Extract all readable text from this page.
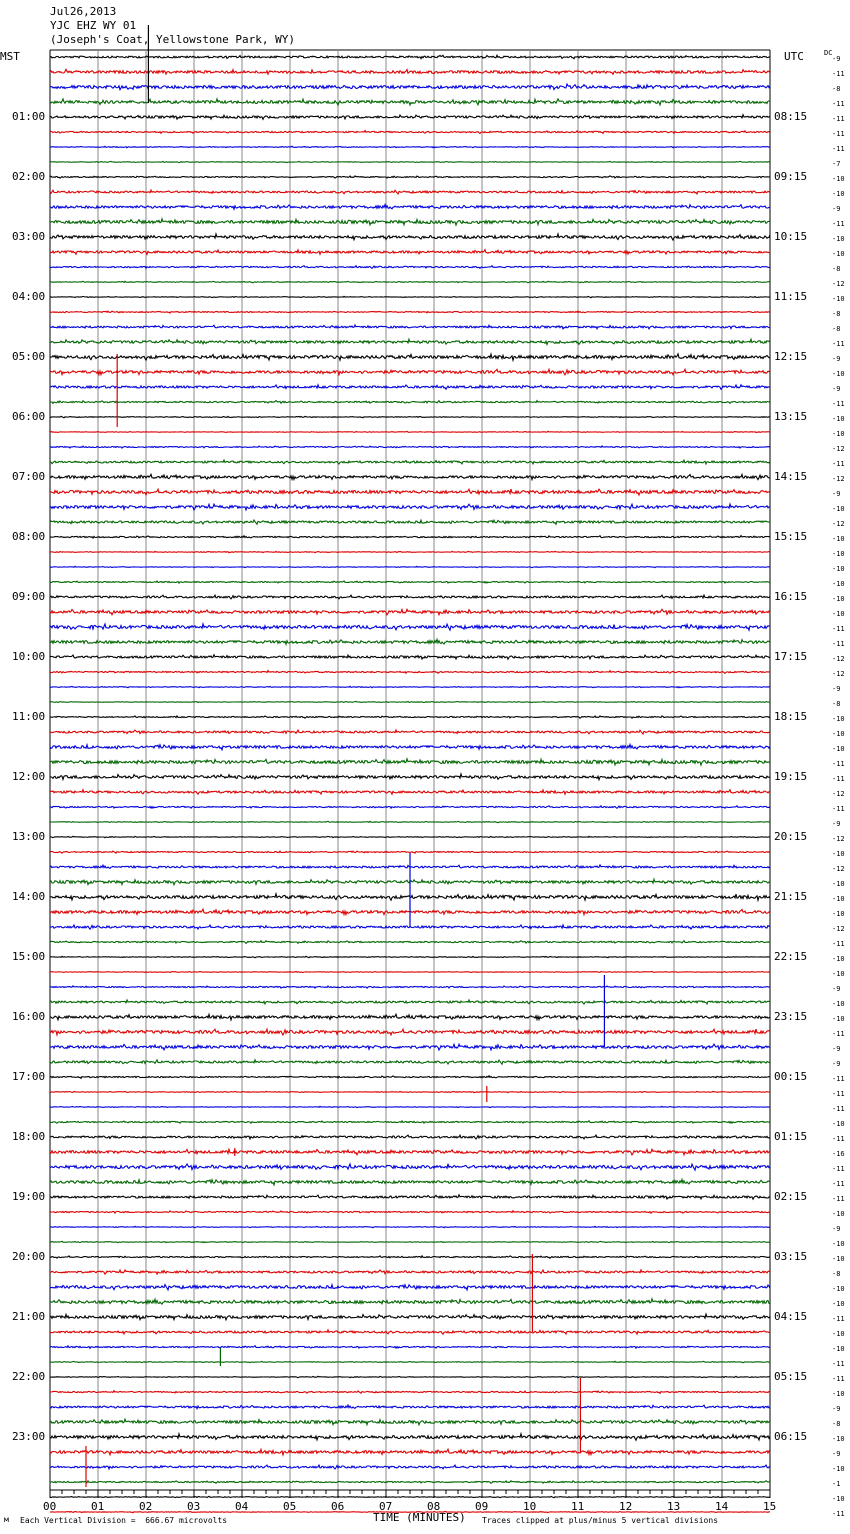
Jul26,2013
YJC EHZ WY 01
(Joseph's Coat, Yellowstone Park, WY)
MST	UTC	DC
00	01	02	03	04	05	06	07	08	09	10	11	12	13	14	15
01:00
02:00
03:00
04:00
05:00
06:00
07:00
08:00
09:00
10:00
11:00
12:00
13:00
14:00
15:00
16:00
17:00
18:00
19:00
20:00
21:00
22:00
23:00
08:15
09:15
10:15
11:15
12:15
13:15
14:15
15:15
16:15
17:15
18:15
19:15
20:15
21:15
22:15
23:15
00:15
01:15
02:15
03:15
04:15
05:15
06:15
-9
-11
-8
-11
-11
-11
-11
-7
-10
-10
-9
-11
-10
-10
-8
-12
-10
-8
-8
-11
-9
-10
-9
-11
-10
-10
-12
-11
-12
-9
-10
-12
-10
-10
-10
-10
-10
-10
-11
-11
-12
-12
-9
-8
-10
-10
-10
-11
-11
-12
-11
-9
-12
-10
-12
-10
-10
-10
-12
-11
-10
-10
-9
-10
-10
-11
-9
-9
-11
-11
-11
-10
-11
-16
-11
-11
-11
-10
-9
-10
-10
-8
-10
-10
-11
-10
-10
-11
-11
-10
-9
-8
-10
-9
-10
-1
-10
-11
м Each Vertical Division =  666.67 microvolts	TIME (MINUTES) Traces clipped at plus/minus 5 vertical divisions
